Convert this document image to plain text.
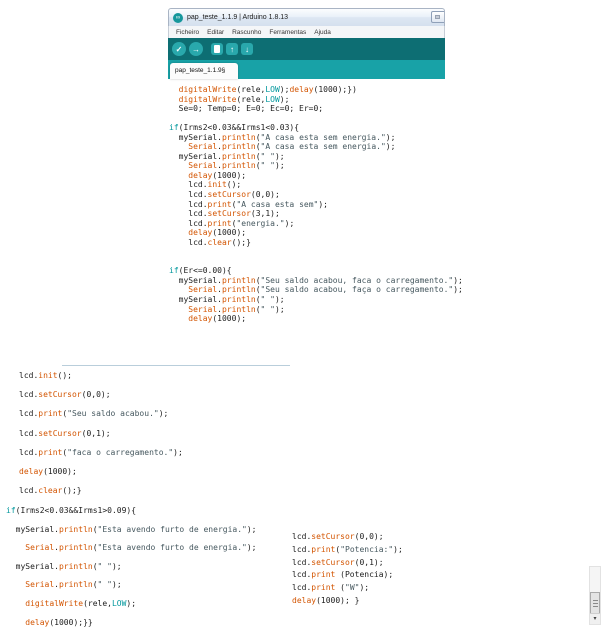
∞ pap_teste_1.1.9 | Arduino 1.8.13
Ficheiro	Editar	Rascunho	Ferramentas	Ajuda
✓ →	↑ ↓
pap_teste_1.1.9§
digitalWrite(rele,LOW);delay(1000);})
digitalWrite(rele,LOW);
Se=0; Temp=0; E=0; Ec=0; Er=0;

if(Irms2<0.03&&Irms1<0.03){
mySerial.println("A casa esta sem energia.");
Serial.println("A casa esta sem energia.");
mySerial.println(" ");
Serial.println(" ");
delay(1000);
lcd.init();
lcd.setCursor(0,0);
lcd.print("A casa esta sem");
lcd.setCursor(3,1);
lcd.print("energia.");
delay(1000);
lcd.clear();}

if(Er<=0.00){
mySerial.println("Seu saldo acabou, faca o carregamento.");
Serial.println("Seu saldo acabou, faça o carregamento.");
mySerial.println(" ");
Serial.println(" ");
delay(1000);
lcd.init();
lcd.setCursor(0,0);
lcd.print("Seu saldo acabou.");
lcd.setCursor(0,1);
lcd.print("faca o carregamento.");
delay(1000);
lcd.clear();}
if(Irms2<0.03&&Irms1>0.09){
mySerial.println("Esta avendo furto de energia.");
Serial.println("Esta avendo furto de energia.");
mySerial.println(" ");
Serial.println(" ");
digitalWrite(rele,LOW);
delay(1000);}}
lcd.setCursor(0,0);
lcd.print("Potencia:");
lcd.setCursor(0,1);
lcd.print (Potencia);
lcd.print ("W");
delay(1000); }
▾
